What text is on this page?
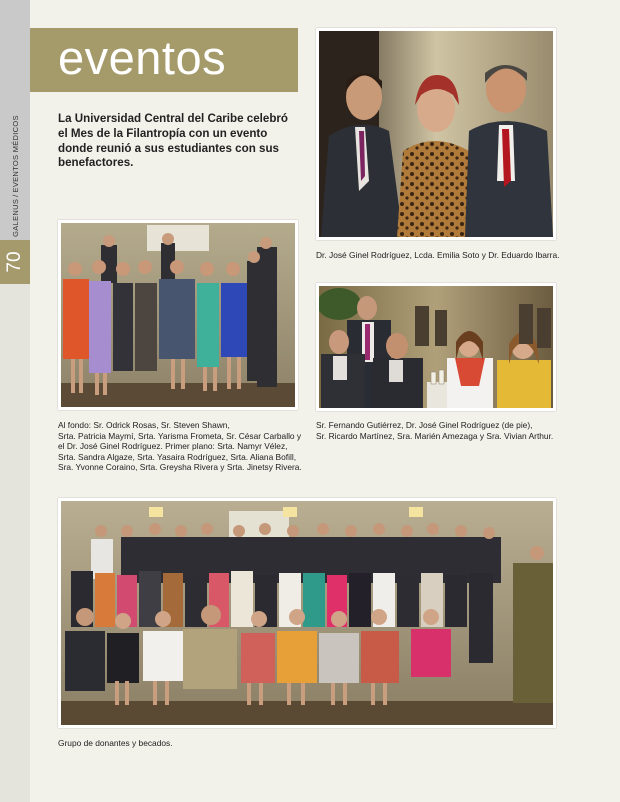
GALENUS/EVENTOS MÉDICOS
70
eventos
La Universidad Central del Caribe celebró el Mes de la Filantropía con un evento donde reunió a sus estudiantes con sus benefactores.
Dr. José Ginel Rodríguez, Lcda. Emilia Soto y Dr. Eduardo Ibarra.
Al fondo: Sr. Odrick Rosas, Sr. Steven Shawn,
Srta. Patricia Maymí, Srta. Yarisma Frometa, Sr. César Carballo y
el Dr. José Ginel Rodríguez. Primer plano: Srta. Namyr Vélez,
Srta. Sandra Algaze, Srta. Yasaira Rodríguez, Srta. Aliana Bofill,
Sra. Yvonne Coraino, Srta. Greysha Rivera y Srta. Jinetsy Rivera.
Sr. Fernando Gutiérrez, Dr. José Ginel Rodríguez (de pie),
Sr. Ricardo Martínez, Sra. Marién Amezaga y Sra. Vivian Arthur.
Grupo de donantes y becados.
